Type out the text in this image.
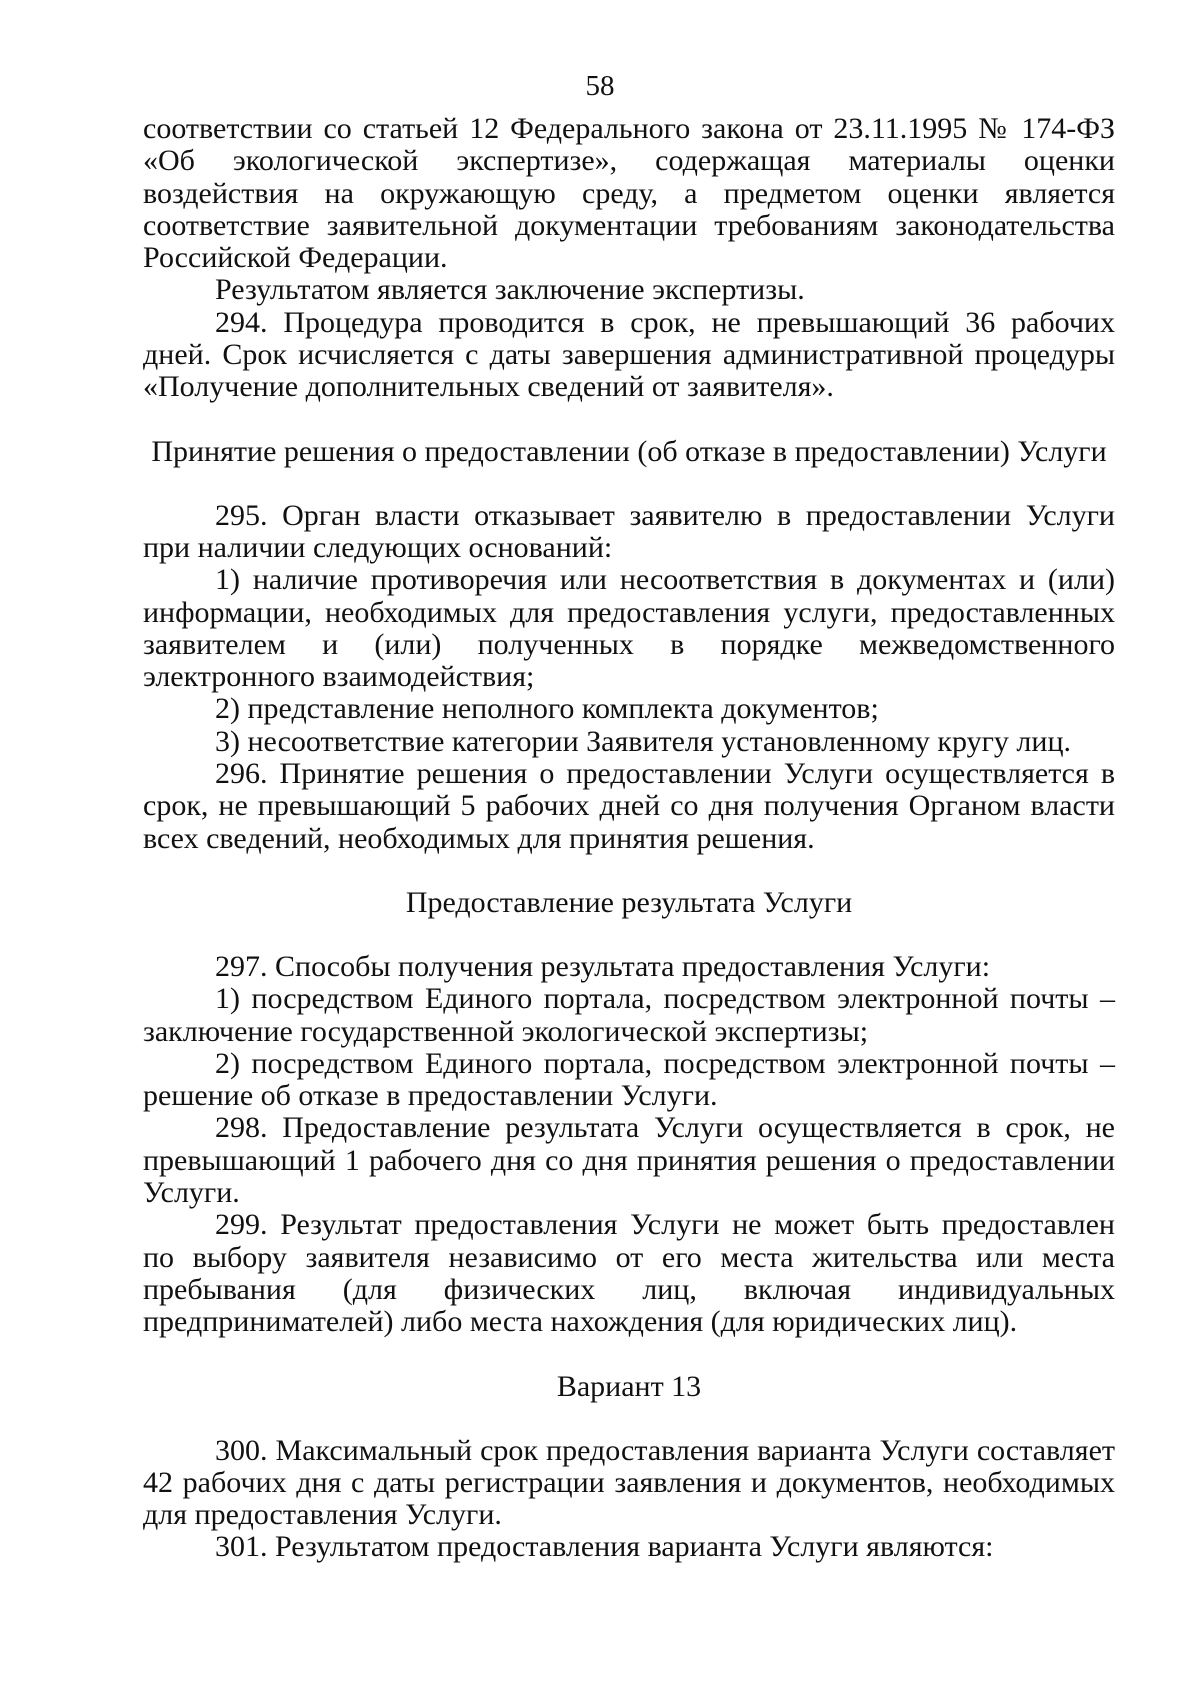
58

соответствии со статьей 12 Федерального закона от 23.11.1995 № 174-ФЗ «Об экологической экспертизе», содержащая материалы оценки воздействия на окружающую среду, а предметом оценки является соответствие заявительной документации требованиям законодательства Российской Федерации.

Результатом является заключение экспертизы.

294. Процедура проводится в срок, не превышающий 36 рабочих дней. Срок исчисляется с даты завершения административной процедуры «Получение дополнительных сведений от заявителя».

Принятие решения о предоставлении (об отказе в предоставлении) Услуги

295. Орган власти отказывает заявителю в предоставлении Услуги при наличии следующих оснований:

1) наличие противоречия или несоответствия в документах и (или) информации, необходимых для предоставления услуги, предоставленных заявителем и (или) полученных в порядке межведомственного электронного взаимодействия;

2) представление неполного комплекта документов;

3) несоответствие категории Заявителя установленному кругу лиц.

296. Принятие решения о предоставлении Услуги осуществляется в срок, не превышающий 5 рабочих дней со дня получения Органом власти всех сведений, необходимых для принятия решения.

Предоставление результата Услуги

297. Способы получения результата предоставления Услуги:

1) посредством Единого портала, посредством электронной почты – заключение государственной экологической экспертизы;

2) посредством Единого портала, посредством электронной почты – решение об отказе в предоставлении Услуги.

298. Предоставление результата Услуги осуществляется в срок, не превышающий 1 рабочего дня со дня принятия решения о предоставлении Услуги.

299. Результат предоставления Услуги не может быть предоставлен по выбору заявителя независимо от его места жительства или места пребывания (для физических лиц, включая индивидуальных предпринимателей) либо места нахождения (для юридических лиц).

Вариант 13

300. Максимальный срок предоставления варианта Услуги составляет 42 рабочих дня с даты регистрации заявления и документов, необходимых для предоставления Услуги.

301. Результатом предоставления варианта Услуги являются:
